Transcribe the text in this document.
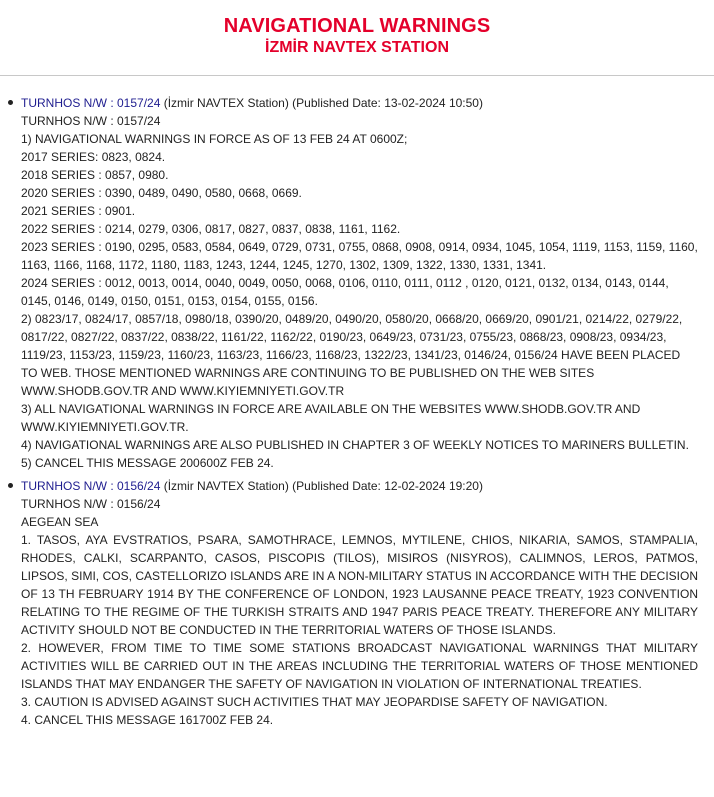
NAVIGATIONAL WARNINGS
İZMİR NAVTEX STATION
TURNHOS N/W : 0157/24 (İzmir NAVTEX Station) (Published Date: 13-02-2024 10:50)
TURNHOS N/W : 0157/24
1) NAVIGATIONAL WARNINGS IN FORCE AS OF 13 FEB 24 AT 0600Z;
2017 SERIES: 0823, 0824.
2018 SERIES : 0857, 0980.
2020 SERIES : 0390, 0489, 0490, 0580, 0668, 0669.
2021 SERIES : 0901.
2022 SERIES : 0214, 0279, 0306, 0817, 0827, 0837, 0838, 1161, 1162.
2023 SERIES : 0190, 0295, 0583, 0584, 0649, 0729, 0731, 0755, 0868, 0908, 0914, 0934, 1045, 1054, 1119, 1153, 1159, 1160, 1163, 1166, 1168, 1172, 1180, 1183, 1243, 1244, 1245, 1270, 1302, 1309, 1322, 1330, 1331, 1341.
2024 SERIES : 0012, 0013, 0014, 0040, 0049, 0050, 0068, 0106, 0110, 0111, 0112 , 0120, 0121, 0132, 0134, 0143, 0144, 0145, 0146, 0149, 0150, 0151, 0153, 0154, 0155, 0156.
2) 0823/17, 0824/17, 0857/18, 0980/18, 0390/20, 0489/20, 0490/20, 0580/20, 0668/20, 0669/20, 0901/21, 0214/22, 0279/22, 0817/22, 0827/22, 0837/22, 0838/22, 1161/22, 1162/22, 0190/23, 0649/23, 0731/23, 0755/23, 0868/23, 0908/23, 0934/23, 1119/23, 1153/23, 1159/23, 1160/23, 1163/23, 1166/23, 1168/23, 1322/23, 1341/23, 0146/24, 0156/24 HAVE BEEN PLACED TO WEB. THOSE MENTIONED WARNINGS ARE CONTINUING TO BE PUBLISHED ON THE WEB SITES WWW.SHODB.GOV.TR AND WWW.KIYIEMNIYETI.GOV.TR
3) ALL NAVIGATIONAL WARNINGS IN FORCE ARE AVAILABLE ON THE WEBSITES WWW.SHODB.GOV.TR AND WWW.KIYIEMNIYETI.GOV.TR.
4) NAVIGATIONAL WARNINGS ARE ALSO PUBLISHED IN CHAPTER 3 OF WEEKLY NOTICES TO MARINERS BULLETIN.
5) CANCEL THIS MESSAGE 200600Z FEB 24.
TURNHOS N/W : 0156/24 (İzmir NAVTEX Station) (Published Date: 12-02-2024 19:20)
TURNHOS N/W : 0156/24
AEGEAN SEA
1. TASOS, AYA EVSTRATIOS, PSARA, SAMOTHRACE, LEMNOS, MYTILENE, CHIOS, NIKARIA, SAMOS, STAMPALIA, RHODES, CALKI, SCARPANTO, CASOS, PISCOPIS (TILOS), MISIROS (NISYROS), CALIMNOS, LEROS, PATMOS, LIPSOS, SIMI, COS, CASTELLORIZO ISLANDS ARE IN A NON-MILITARY STATUS IN ACCORDANCE WITH THE DECISION OF 13 TH FEBRUARY 1914 BY THE CONFERENCE OF LONDON, 1923 LAUSANNE PEACE TREATY, 1923 CONVENTION RELATING TO THE REGIME OF THE TURKISH STRAITS AND 1947 PARIS PEACE TREATY. THEREFORE ANY MILITARY ACTIVITY SHOULD NOT BE CONDUCTED IN THE TERRITORIAL WATERS OF THOSE ISLANDS.
2. HOWEVER, FROM TIME TO TIME SOME STATIONS BROADCAST NAVIGATIONAL WARNINGS THAT MILITARY ACTIVITIES WILL BE CARRIED OUT IN THE AREAS INCLUDING THE TERRITORIAL WATERS OF THOSE MENTIONED ISLANDS THAT MAY ENDANGER THE SAFETY OF NAVIGATION IN VIOLATION OF INTERNATIONAL TREATIES.
3. CAUTION IS ADVISED AGAINST SUCH ACTIVITIES THAT MAY JEOPARDISE SAFETY OF NAVIGATION.
4. CANCEL THIS MESSAGE 161700Z FEB 24.
